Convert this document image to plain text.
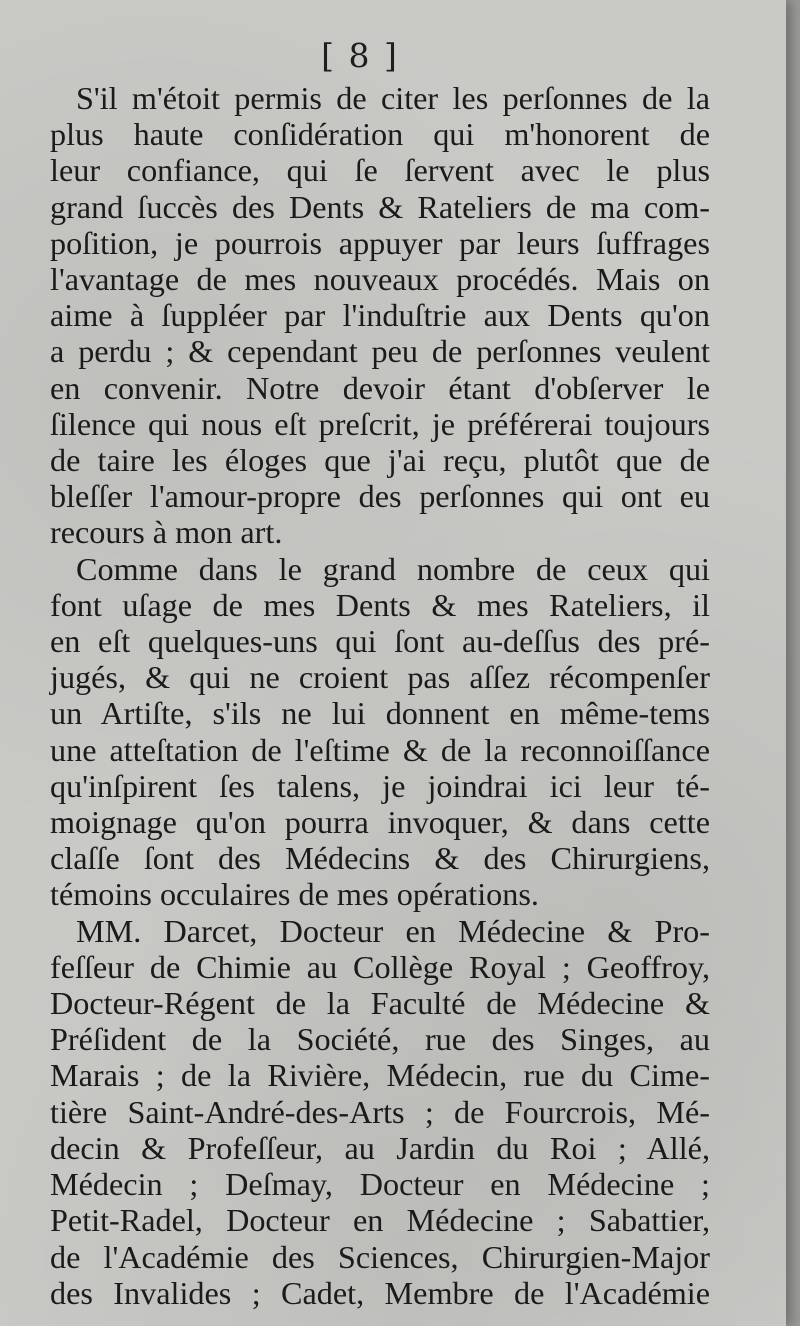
[ 8 ]

S'il m'étoit permis de citer les perſonnes de la
plus haute conſidération qui m'honorent de
leur confiance, qui ſe ſervent avec le plus
grand ſuccès des Dents & Rateliers de ma com-
poſition, je pourrois appuyer par leurs ſuffrages
l'avantage de mes nouveaux procédés. Mais on
aime à ſuppléer par l'induſtrie aux Dents qu'on
a perdu ; & cependant peu de perſonnes veulent
en convenir. Notre devoir étant d'obſerver le
ſilence qui nous eſt preſcrit, je préférerai toujours
de taire les éloges que j'ai reçu, plutôt que de
bleſſer l'amour-propre des perſonnes qui ont eu
recours à mon art.

Comme dans le grand nombre de ceux qui
font uſage de mes Dents & mes Rateliers, il
en eſt quelques-uns qui ſont au-deſſus des pré-
jugés, & qui ne croient pas aſſez récompenſer
un Artiſte, s'ils ne lui donnent en même-tems
une atteſtation de l'eſtime & de la reconnoiſſance
qu'inſpirent ſes talens, je joindrai ici leur té-
moignage qu'on pourra invoquer, & dans cette
claſſe ſont des Médecins & des Chirurgiens,
témoins occulaires de mes opérations.

MM. Darcet, Docteur en Médecine & Pro-
feſſeur de Chimie au Collège Royal ; Geoffroy,
Docteur-Régent de la Faculté de Médecine &
Préſident de la Société, rue des Singes, au
Marais ; de la Rivière, Médecin, rue du Cime-
tière Saint-André-des-Arts ; de Fourcrois, Mé-
decin & Profeſſeur, au Jardin du Roi ; Allé,
Médecin ; Deſmay, Docteur en Médecine ;
Petit-Radel, Docteur en Médecine ; Sabattier,
de l'Académie des Sciences, Chirurgien-Major
des Invalides ; Cadet, Membre de l'Académie
